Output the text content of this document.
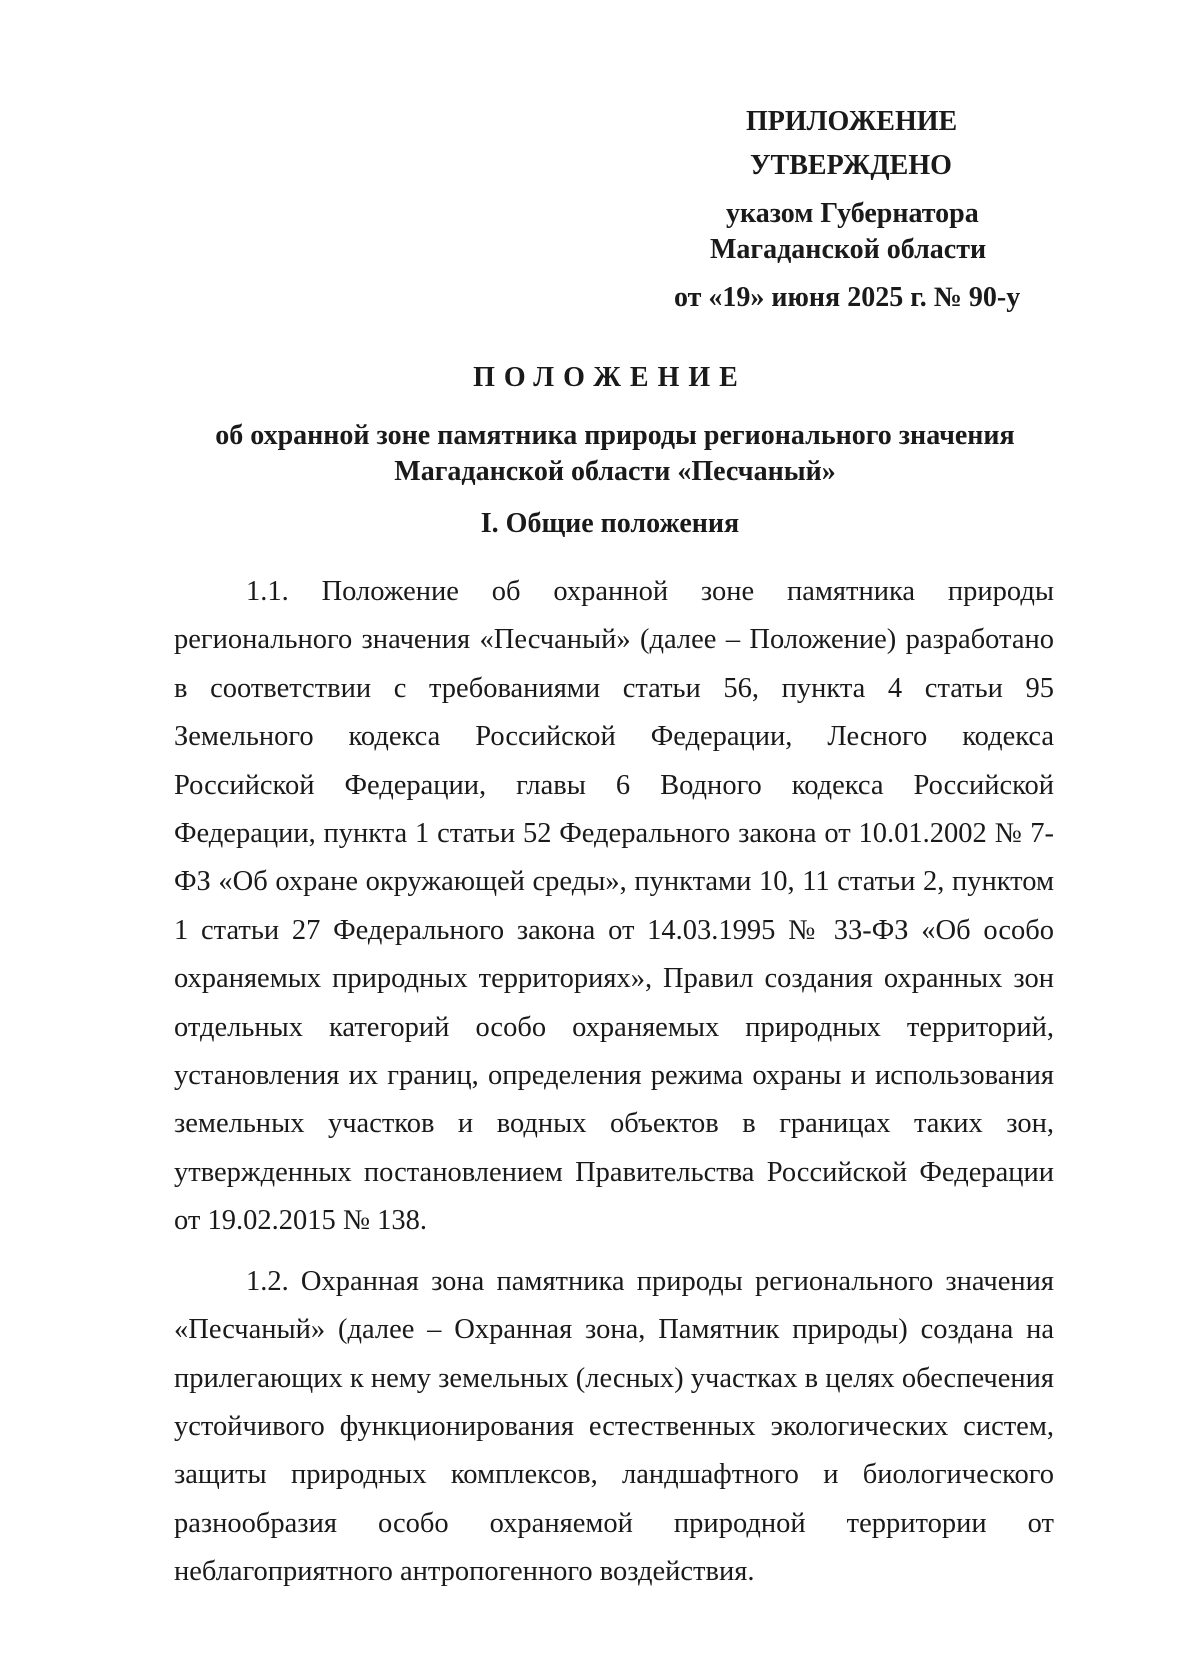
ПРИЛОЖЕНИЕ
УТВЕРЖДЕНО
указом Губернатора
Магаданской области
от «19» июня 2025 г. № 90-у
ПОЛОЖЕНИЕ
об охранной зоне памятника природы регионального значения
Магаданской области «Песчаный»
I. Общие положения

1.1. Положение об охранной зоне памятника природы регионального значения «Песчаный» (далее – Положение) разработано в соответствии с требованиями статьи 56, пункта 4 статьи 95 Земельного кодекса Российской Федерации, Лесного кодекса Российской Федерации, главы 6 Водного кодекса Российской Федерации, пункта 1 статьи 52 Федерального закона от 10.01.2002 № 7-ФЗ «Об охране окружающей среды», пунктами 10, 11 статьи 2, пунктом 1 статьи 27 Федерального закона от 14.03.1995 № 33-ФЗ «Об особо охраняемых природных территориях», Правил создания охранных зон отдельных категорий особо охраняемых природных территорий, установления их границ, определения режима охраны и использования земельных участков и водных объектов в границах таких зон, утвержденных постановлением Правительства Российской Федерации от 19.02.2015 № 138.

1.2. Охранная зона памятника природы регионального значения «Песчаный» (далее – Охранная зона, Памятник природы) создана на прилегающих к нему земельных (лесных) участках в целях обеспечения устойчивого функционирования естественных экологических систем, защиты природных комплексов, ландшафтного и биологического разнообразия особо охраняемой природной территории от неблагоприятного антропогенного воздействия.
